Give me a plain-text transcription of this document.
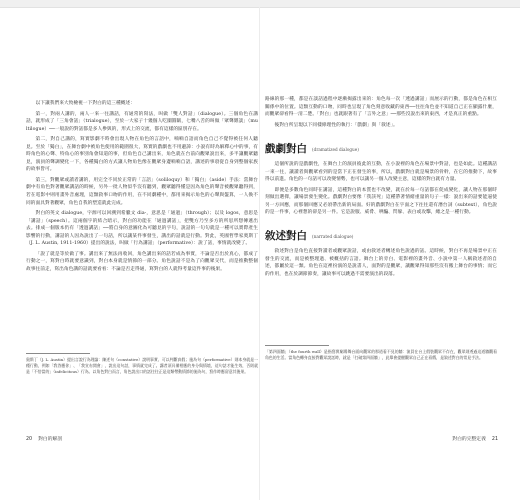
以下讓我們來大致檢視一下對白的這三種概述：

第一，對兩人講的，兩人一來一往講話，有通常的寫法，叫做「雙人對話」（dialogue）。三個角色在講話，就形成了「三角會話」（trialogue），至於一大家子十幾個人吃團圓飯，七嘴八舌的叫做「眾聲雜談」（multilogue）──一般說的對話都是多人參與的，形式上的交流，都有這樣的區別存在。

第二，對自己講的，寫實影劇不時會出現人物在角色的言語中，喃喃自語而角色自己不覺得被任何人聽見。至於「獨白」，在舞台劇中被角色使用的範圍很大，寫實的戲劇也不用避諱：小說有時為解釋心中的事，有時角色的心聲、特角心的事別角會知道的事，但角色自己講出來，角色就在台前向觀眾說出來，多半讓觀眾聽見，演員的聲調變化一下，各種獨白的方式讓人物角色像在觀眾身邊喃喃自語，講述的事項從自身到整個家族的故事皆可。

第三，對觀眾或讀者講的，用完全不同於正常的「言語」（soliloquy）和「獨白」（aside）手法：當舞台劇中有角色對著觀眾講話的時候，另外一批人物似乎沒有聽到，觀眾聽得懂是因為角色的聲音被觀眾聽得到，若在電影中則用畫外音處理，這類敘事口吻的作用，在不同劇種中，都用來揭示角色的心聲與盤算，一人換不同的面具對著觀眾，角色自我的塑造就此完成。

對白的英文 dialogue，字源可以回溯到希臘文 dia-，意思是「通過」（through）；以及 logos，意思是「講話」（speech）。這兩個字的結合暗示，對白的功能在「通過講話」，把雙方乃至多方的所思所想傳遞出去。排成一個版本仍有「透過講話」──將自身的意圖化為可聽見的字句，說話的一句句就是一種可以實際產生影響的行動，講話的人因為說出了一句話，所以讓某件事發生，講出的話就是行動。對此，英國哲學家奧斯丁（J. L. Austin, 1911-1960）提出的說法，叫做「行為講話」（performative）：說了話，事情就改變了。

「說了就是等於做了事。講出來了無法再收回，角色講出來的話若成為事實，不論是否出於真心，都成了行動之一，寫對白時就要意識到，對白本身就是情節的一部分。角色說話不是為了向觀眾交代，而是推動整個故事往前走，寫出角色講的話就要看看：不論是否走得通，寫對白的人就得考量這件事的後果。

奧斯丁（J. L. Austin）提出言說行為理論：陳述句（constative）說明事實、可以判斷真假；施為句（performative）則本身就是一種行動，例如「我答應你」、「我宣布開會」，說出這句話，事情就完成了。講者須具備相應的身分與情境，這句話才能生效，否則就是「不恰當的」（infelicitous）行為。以角色對白而言，角色說出口的話往往正是這類帶動情節的施為句，寫作時應留意其後果。
20 對白的解剖

路線的那一種，都是在談話過程中逐漸揭露出來的：角色每一次「透過講話」而展示的行動，都是角色在相互關係中的位置。這類互動的口吻，同時也呈現了角色刻意收藏的東西──往往角色並不知道自己正在顯露什麼，而觀眾卻看得一清二楚。「對白」也就跟著有了「言外之意」──那些沒說出來的東西，才是真正的重點。

後對白所呈現以下同樣條理性的執行：「戲劇」與「敘述」。

戲劇對白 (dramatized dialogue)

這個所說的是戲劇性，在舞台上的演員彼此的互動，在小說裡的角色在場景中對話，也是如此。這種講話一來一往，讓讀者與觀眾看到的是當下正在發生的事，所以，戲劇對白就是場景的骨幹，在它的推動下，故事得以前進。角色的一句話可以改變情勢，也可以讓另一個人改變主意，這樣的對白就有力量。

即便是多數角色同時在講話，這種對白的本質也不改變，就在於每一句話都在促成變化，讓人物在那個時刻做出選擇，讓場景發生變化。戲劇對白要像「我該死」這種帶著情緒重量的句子一樣：說出來的話要能逼使另一方回應，而那個回應又必須帶出新的局面。好的戲劇對白在字面之下往往還有潛台詞（subtext），角色說的是一件事，心裡想的卻是另一件。它是說服、威脅、哄騙、閃躲、表白或攻擊，總之是一種行動。

敘述對白 (narrated dialogue)

敘述對白是角色直接對讀者或觀眾說話，或由敘述者轉述角色說過的話。這時候，對白不再是場景中正在發生的交流，而是被整理過、被概括的言語。舞台上的旁白、電影裡的畫外音、小說中第一人稱敘述者的自述，都屬於這一類。角色在這裡扮演的是說書人，面對的是觀眾，讓觀眾得知那些沒有搬上舞台的事情；而它的作用，也在於調節節奏，讓故事可以跳過不需要演出的段落。

「第四面牆」（the fourth wall）是指寫實劇場舞台面向觀眾的那道看不見的牆：演員在台上假裝觀眾不存在，觀眾則透過這道牆觀看角色的生活。當角色轉身直接對觀眾說話時，就是「打破第四面牆」，此舉會提醒觀眾自己正在看戲，是敘述對白的常見手法。
對白的完整定義 21
